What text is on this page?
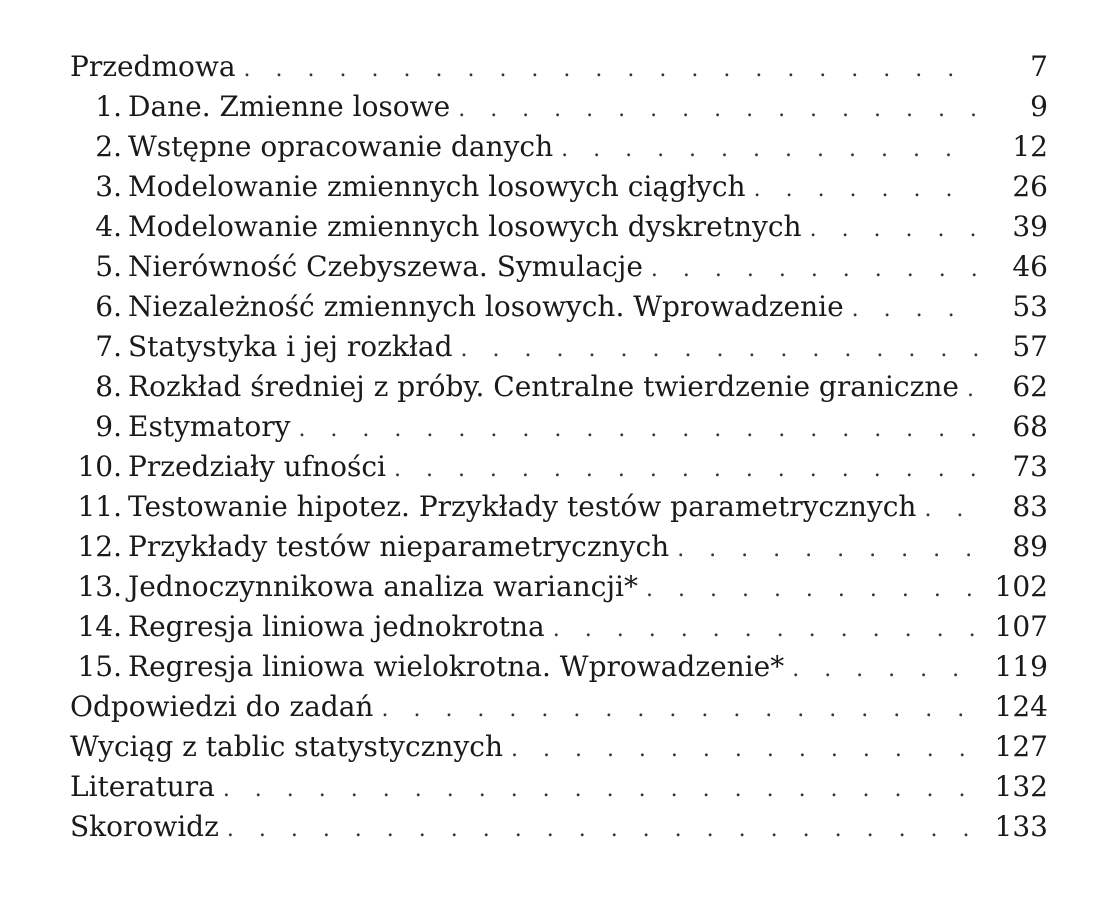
Przedmowa . . .	7
1. Dane. Zmienne losowe . . .	9
2. Wstępne opracowanie danych . . .	12
3. Modelowanie zmiennych losowych ciągłych . . .	26
4. Modelowanie zmiennych losowych dyskretnych . . .	39
5. Nierówność Czebyszewa. Symulacje . . .	46
6. Niezależność zmiennych losowych. Wprowadzenie . . .	53
7. Statystyka i jej rozkład . . .	57
8. Rozkład średniej z próby. Centralne twierdzenie graniczne . . .	62
9. Estymatory . . .	68
10. Przedziały ufności . . .	73
11. Testowanie hipotez. Przykłady testów parametrycznych . . .	83
12. Przykłady testów nieparametrycznych . . .	89
13. Jednoczynnikowa analiza wariancji* . . .	102
14. Regresja liniowa jednokrotna . . .	107
15. Regresja liniowa wielokrotna. Wprowadzenie* . . .	119
Odpowiedzi do zadań . . .	124
Wyciąg z tablic statystycznych . . .	127
Literatura . . .	132
Skorowidz . . .	133
